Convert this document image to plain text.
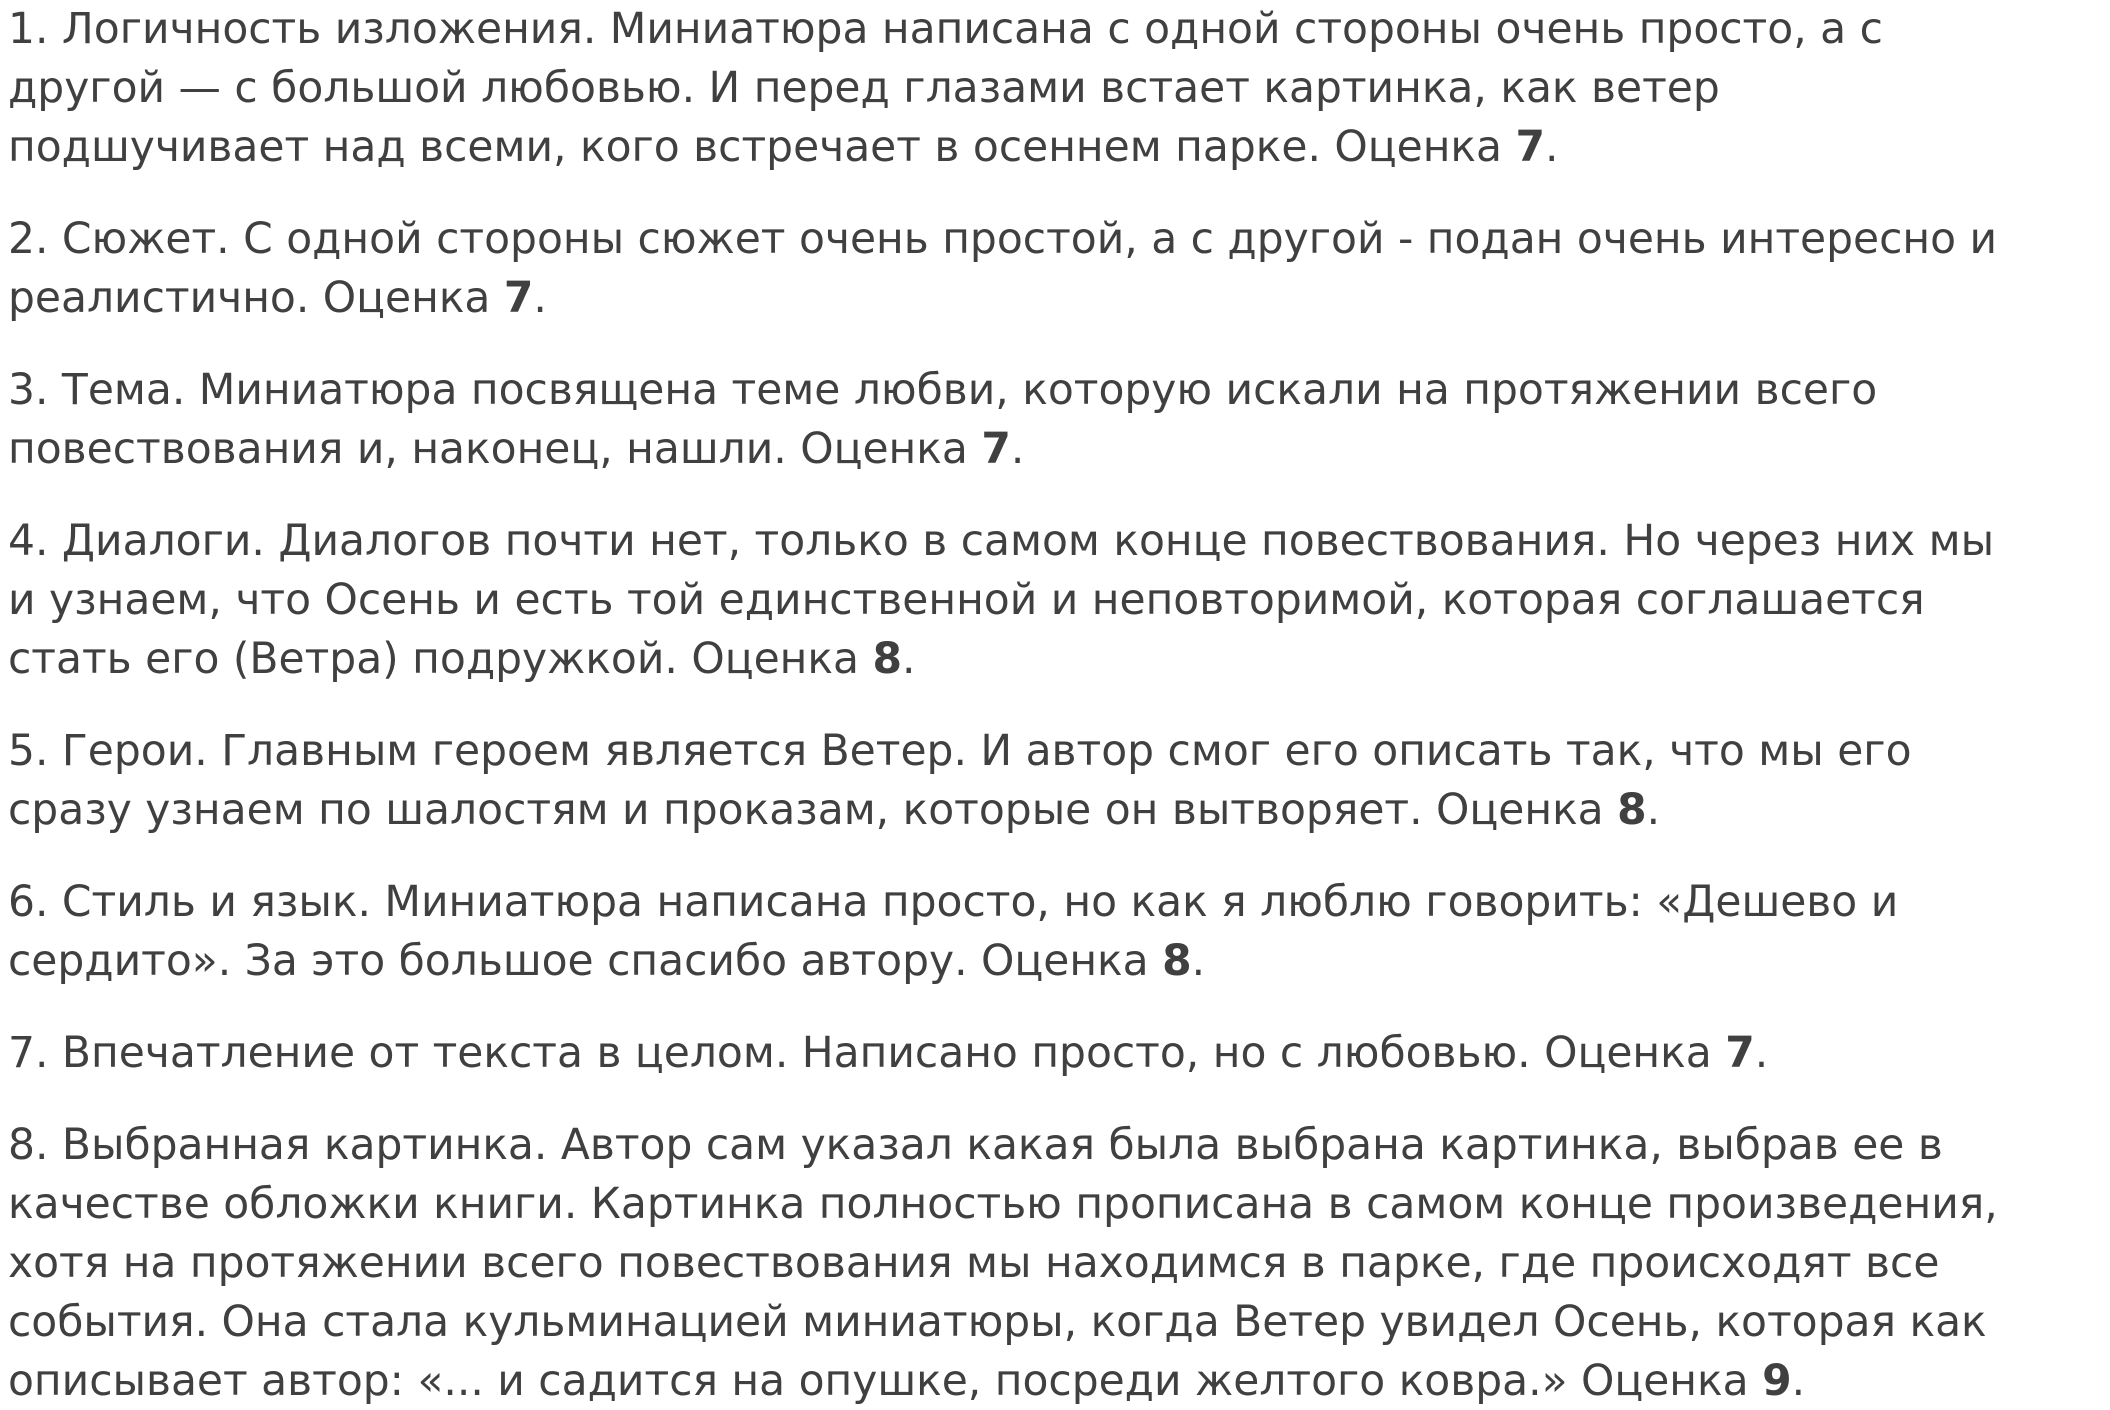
1. Логичность изложения. Миниатюра написана с одной стороны очень просто, а с
другой — с большой любовью. И перед глазами встает картинка, как ветер
подшучивает над всеми, кого встречает в осеннем парке. Оценка 7.

2. Сюжет. С одной стороны сюжет очень простой, а с другой - подан очень интересно и
реалистично. Оценка 7.

3. Тема. Миниатюра посвящена теме любви, которую искали на протяжении всего
повествования и, наконец, нашли. Оценка 7.

4. Диалоги. Диалогов почти нет, только в самом конце повествования. Но через них мы
и узнаем, что Осень и есть той единственной и неповторимой, которая соглашается
стать его (Ветра) подружкой. Оценка 8.

5. Герои. Главным героем является Ветер. И автор смог его описать так, что мы его
сразу узнаем по шалостям и проказам, которые он вытворяет. Оценка 8.

6. Стиль и язык. Миниатюра написана просто, но как я люблю говорить: «Дешево и
сердито». За это большое спасибо автору. Оценка 8.

7. Впечатление от текста в целом. Написано просто, но с любовью. Оценка 7.

8. Выбранная картинка. Автор сам указал какая была выбрана картинка, выбрав ее в
качестве обложки книги. Картинка полностью прописана в самом конце произведения,
хотя на протяжении всего повествования мы находимся в парке, где происходят все
события. Она стала кульминацией миниатюры, когда Ветер увидел Осень, которая как
описывает автор: «... и садится на опушке, посреди желтого ковра.» Оценка 9.
